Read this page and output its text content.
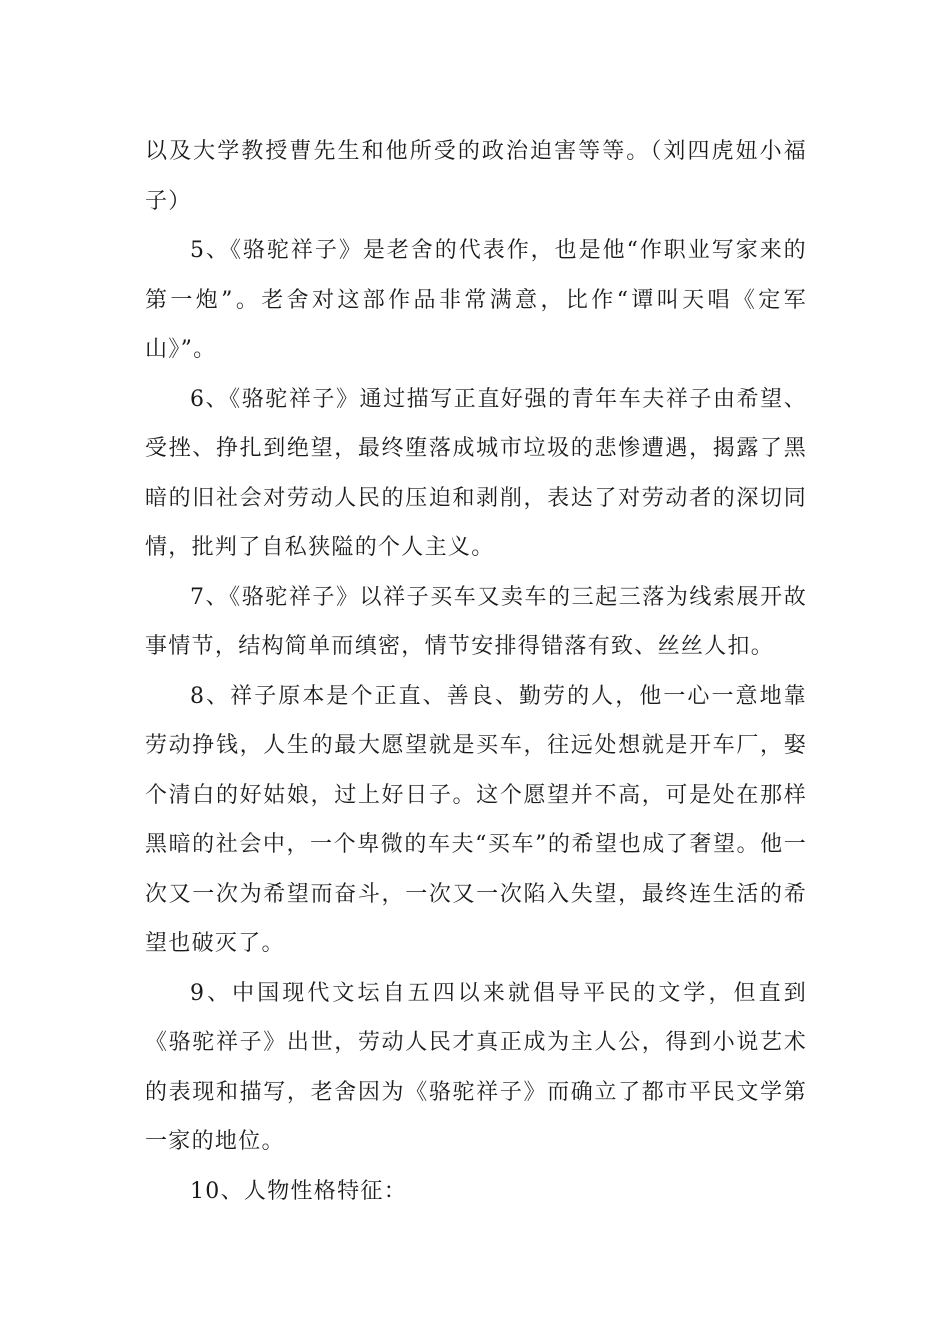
以及大学教授曹先生和他所受的政治迫害等等。（刘四虎妞小福子）

5、《骆驼祥子》是老舍的代表作，也是他“作职业写家来的第一炮”。老舍对这部作品非常满意，比作“谭叫天唱《定军山》”。

6、《骆驼祥子》通过描写正直好强的青年车夫祥子由希望、受挫、挣扎到绝望，最终堕落成城市垃圾的悲惨遭遇，揭露了黑暗的旧社会对劳动人民的压迫和剥削，表达了对劳动者的深切同情，批判了自私狭隘的个人主义。

7、《骆驼祥子》以祥子买车又卖车的三起三落为线索展开故事情节，结构简单而缜密，情节安排得错落有致、丝丝人扣。

8、祥子原本是个正直、善良、勤劳的人，他一心一意地靠劳动挣钱，人生的最大愿望就是买车，往远处想就是开车厂，娶个清白的好姑娘，过上好日子。这个愿望并不高，可是处在那样黑暗的社会中，一个卑微的车夫“买车”的希望也成了奢望。他一次又一次为希望而奋斗，一次又一次陷入失望，最终连生活的希望也破灭了。

9、中国现代文坛自五四以来就倡导平民的文学，但直到《骆驼祥子》出世，劳动人民才真正成为主人公，得到小说艺术的表现和描写，老舍因为《骆驼祥子》而确立了都市平民文学第一家的地位。

10、人物性格特征：
